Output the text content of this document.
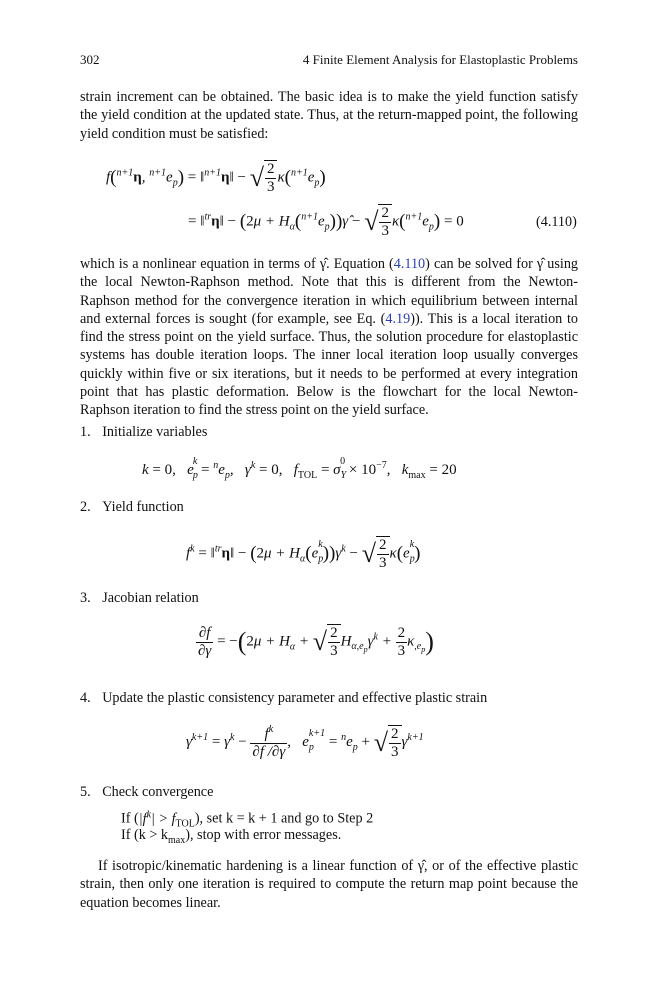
302	4 Finite Element Analysis for Elastoplastic Problems

strain increment can be obtained. The basic idea is to make the yield function satisfy the yield condition at the updated state. Thus, at the return-mapped point, the following yield condition must be satisfied:

f($^{n+1}$η, $^{n+1}e_p$) = ‖$^{n+1}$η‖ − √ $\frac{2}{3} \kappa(^{n+1}e_p)$
= ‖$^{tr}$η‖ − $(2\mu + H_\alpha(^{n+1}e_p))\gammâ$ − √ $\frac{2}{3} \kappa(^{n+1}e_p) = 0$	(4.110)

which is a nonlinear equation in terms of γ̂. Equation (4.110) can be solved for γ̂ using the local Newton-Raphson method. Note that this is different from the Newton-Raphson method for the convergence iteration in which equilibrium between internal and external forces is sought (for example, see Eq. (4.19)). This is a local iteration to find the stress point on the yield surface. Thus, the solution procedure for elastoplastic systems has double iteration loops. The inner local iteration loop usually converges quickly within five or six iterations, but it needs to be performed at every integration point that has plastic deformation. Below is the flowchart for the local Newton-Raphson iteration to find the stress point on the yield surface.

1. Initialize variables
k = 0,   $e_p^k = ^ne_p$,   $\gamma^k = 0$,   $f_{TOL} = \sigma_Y^0 \times 10^{-7}$,   $k_{max} = 20$
2. Yield function
$f^k$ = ‖$^{tr}$η‖ − $(2\mu + H_\alpha(e_p^k))\gamma^k$ − √ $\frac{2}{3} \kappa(e_p^k)$
3. Jacobian relation
$\frac{\partial f}{\partial\gamma} = -(2\mu + H_\alpha$ + √ $\frac{2}{3} H_{\alpha,e_p}\gamma^k + \frac{2}{3} \kappa_{,e_p}$)
4. Update the plastic consistency parameter and effective plastic strain
$\gamma^{k+1} = \gamma^k - \frac{f^k}{\partial f /\partial\gamma}$ ,   $e_p^{k+1} = ^ne_p$ + √ $\frac{2}{3} \gamma^{k+1}$
5. Check convergence
If $(|f^k| > f_{TOL})$, set k = k + 1 and go to Step 2
If $(k > k_{max})$, stop with error messages.

If isotropic/kinematic hardening is a linear function of γ̂, or of the effective plastic strain, then only one iteration is required to compute the return map point because the equation becomes linear.
